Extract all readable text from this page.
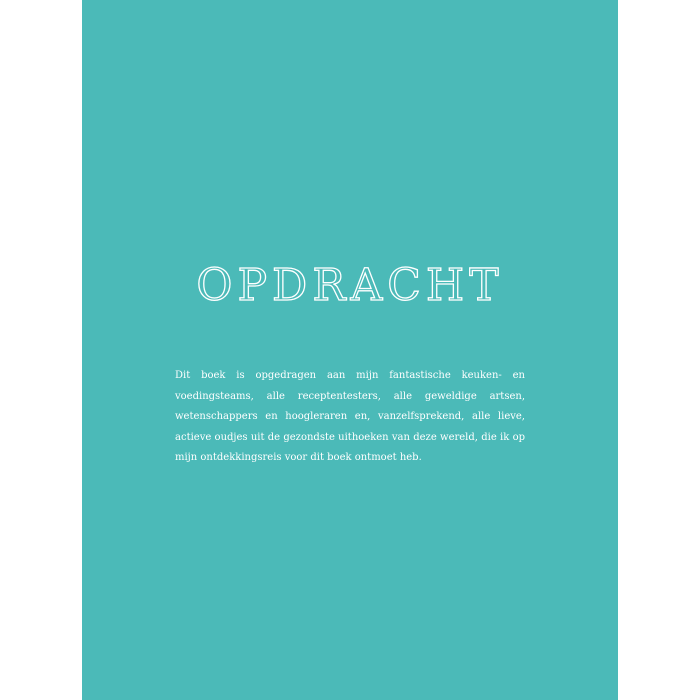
OPDRACHT

Dit boek is opgedragen aan mijn fantastische keuken- en voedingsteams, alle receptentesters, alle geweldige artsen, wetenschappers en hoogleraren en, vanzelfsprekend, alle lieve, actieve oudjes uit de gezondste uithoeken van deze wereld, die ik op mijn ontdekkingsreis voor dit boek ontmoet heb.
